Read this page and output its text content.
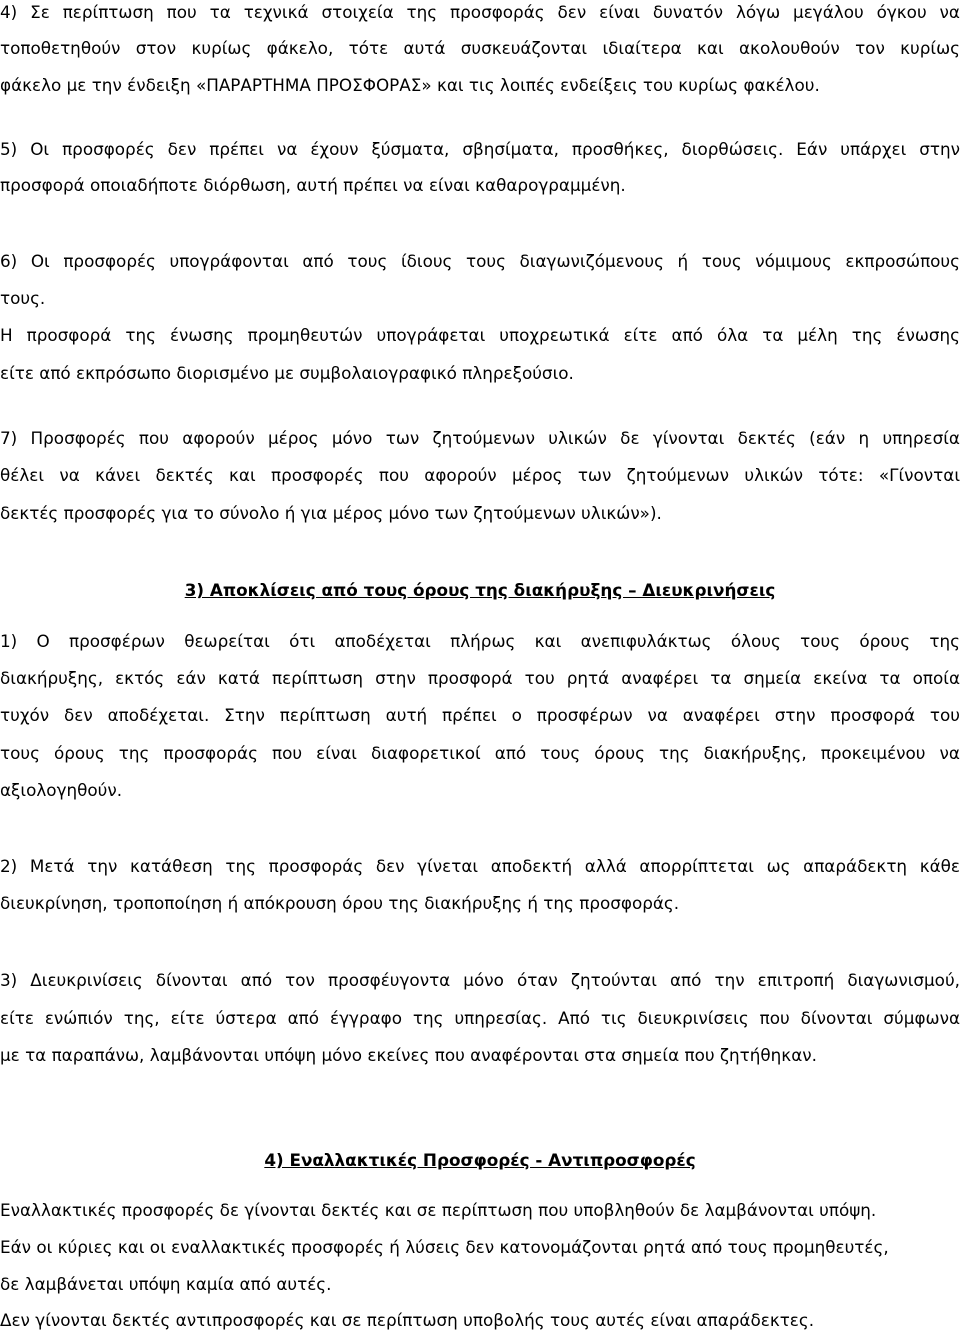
4) Σε περίπτωση που τα τεχνικά στοιχεία της προσφοράς δεν είναι δυνατόν λόγω μεγάλου όγκου να
τοποθετηθούν στον κυρίως φάκελο, τότε αυτά συσκευάζονται ιδιαίτερα και ακολουθούν τον κυρίως
φάκελο με την ένδειξη «ΠΑΡΑΡΤΗΜΑ ΠΡΟΣΦΟΡΑΣ» και τις λοιπές ενδείξεις του κυρίως φακέλου.
5) Οι προσφορές δεν πρέπει να έχουν ξύσματα, σβησίματα, προσθήκες, διορθώσεις. Εάν υπάρχει στην
προσφορά οποιαδήποτε διόρθωση, αυτή πρέπει να είναι καθαρογραμμένη.
6) Οι προσφορές υπογράφονται από τους ίδιους τους διαγωνιζόμενους ή τους νόμιμους εκπροσώπους
τους.
Η προσφορά της ένωσης προμηθευτών υπογράφεται υποχρεωτικά είτε από όλα τα μέλη της ένωσης
είτε από εκπρόσωπο διορισμένο με συμβολαιογραφικό πληρεξούσιο.
7) Προσφορές που αφορούν μέρος μόνο των ζητούμενων υλικών δε γίνονται δεκτές (εάν η υπηρεσία
θέλει να κάνει δεκτές και προσφορές που αφορούν μέρος των ζητούμενων υλικών τότε: «Γίνονται
δεκτές προσφορές για το σύνολο ή για μέρος μόνο των ζητούμενων υλικών»).
3) Αποκλίσεις από τους όρους της διακήρυξης – Διευκρινήσεις
1) Ο προσφέρων θεωρείται ότι αποδέχεται πλήρως και ανεπιφυλάκτως όλους τους όρους της
διακήρυξης, εκτός εάν κατά περίπτωση στην προσφορά του ρητά αναφέρει τα σημεία εκείνα τα οποία
τυχόν δεν αποδέχεται. Στην περίπτωση αυτή πρέπει ο προσφέρων να αναφέρει στην προσφορά του
τους όρους της προσφοράς που είναι διαφορετικοί από τους όρους της διακήρυξης, προκειμένου να
αξιολογηθούν.
2) Μετά την κατάθεση της προσφοράς δεν γίνεται αποδεκτή αλλά απορρίπτεται ως απαράδεκτη κάθε
διευκρίνηση, τροποποίηση ή απόκρουση όρου της διακήρυξης ή της προσφοράς.
3) Διευκρινίσεις δίνονται από τον προσφέυγοντα μόνο όταν ζητούνται από την επιτροπή διαγωνισμού,
είτε ενώπιόν της, είτε ύστερα από έγγραφο της υπηρεσίας. Από τις διευκρινίσεις που δίνονται σύμφωνα
με τα παραπάνω, λαμβάνονται υπόψη μόνο εκείνες που αναφέρονται στα σημεία που ζητήθηκαν.
4) Εναλλακτικές Προσφορές - Αντιπροσφορές
Εναλλακτικές προσφορές δε γίνονται δεκτές και σε περίπτωση που υποβληθούν δε λαμβάνονται υπόψη.
Εάν οι κύριες και οι εναλλακτικές προσφορές ή λύσεις δεν κατονομάζονται ρητά από τους προμηθευτές,
δε λαμβάνεται υπόψη καμία από αυτές.
Δεν γίνονται δεκτές αντιπροσφορές και σε περίπτωση υποβολής τους αυτές είναι απαράδεκτες.
